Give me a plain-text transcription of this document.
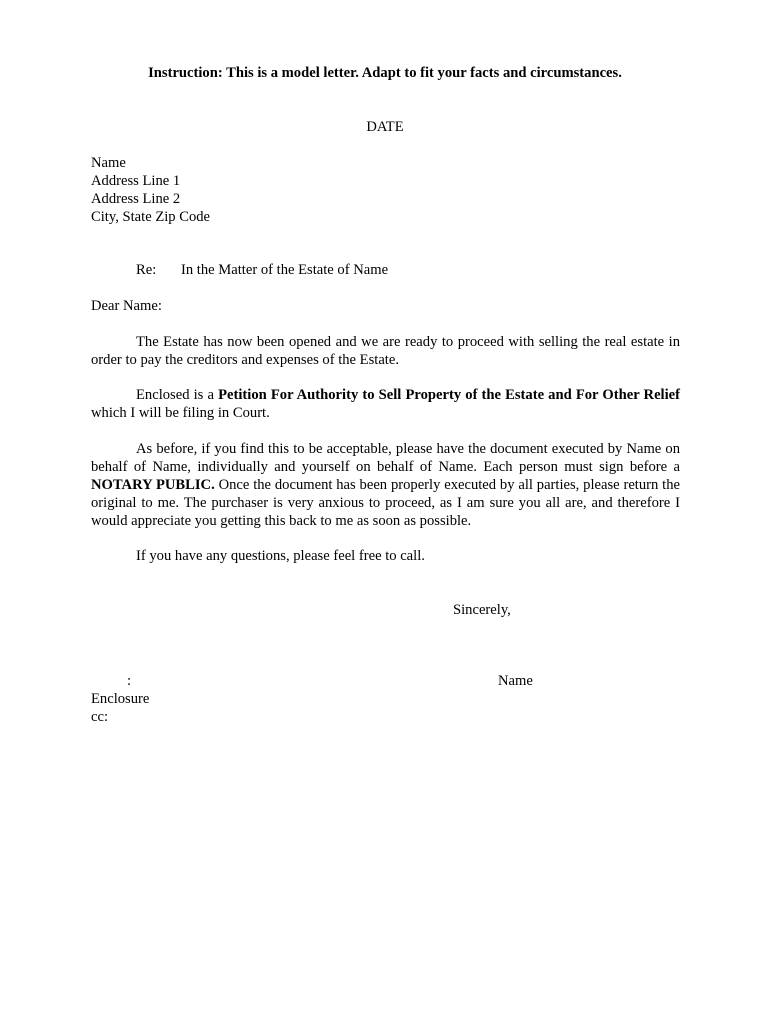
Instruction: This is a model letter. Adapt to fit your facts and circumstances.
DATE
Name
Address Line 1
Address Line 2
City, State Zip Code
Re: In the Matter of the Estate of Name
Dear Name:
The Estate has now been opened and we are ready to proceed with selling the real estate in order to pay the creditors and expenses of the Estate.
Enclosed is a Petition For Authority to Sell Property of the Estate and For Other Relief which I will be filing in Court.
As before, if you find this to be acceptable, please have the document executed by Name on behalf of Name, individually and yourself on behalf of Name. Each person must sign before a NOTARY PUBLIC. Once the document has been properly executed by all parties, please return the original to me. The purchaser is very anxious to proceed, as I am sure you all are, and therefore I would appreciate you getting this back to me as soon as possible.
If you have any questions, please feel free to call.
Sincerely,
:	Name
Enclosure
cc:
